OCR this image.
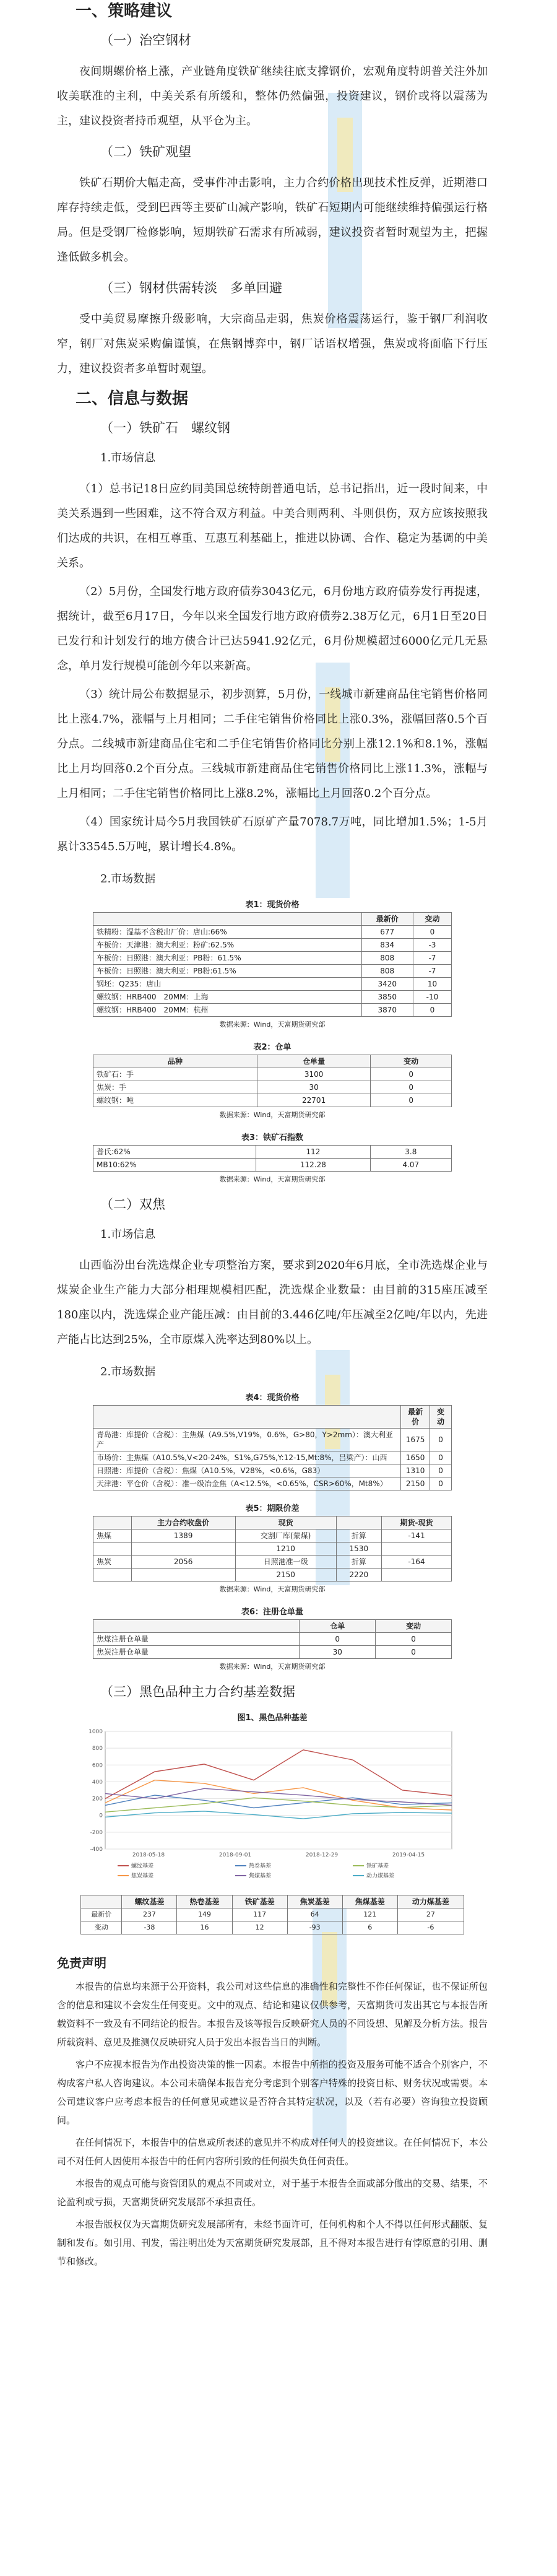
一、策略建议
（一）治空钢材

夜间期螺价格上涨，产业链角度铁矿继续往底支撑钢价，宏观角度特朗普关注外加收美联准的主利，中美关系有所缓和，整体仍然偏强，投资建议，钢价或将以震荡为主，建议投资者持币观望，从平仓为主。

（二）铁矿观望

铁矿石期价大幅走高，受事件冲击影响，主力合约价格出现技术性反弹，近期港口库存持续走低，受到巴西等主要矿山减产影响，铁矿石短期内可能继续维持偏强运行格局。但是受钢厂检修影响，短期铁矿石需求有所减弱，建议投资者暂时观望为主，把握逢低做多机会。

（三）钢材供需转淡　多单回避

受中美贸易摩擦升级影响，大宗商品走弱，焦炭价格震荡运行，鉴于钢厂利润收窄，钢厂对焦炭采购偏谨慎，在焦钢博弈中，钢厂话语权增强，焦炭或将面临下行压力，建议投资者多单暂时观望。

二、信息与数据
（一）铁矿石　螺纹钢
1.市场信息

（1）总书记18日应约同美国总统特朗普通电话，总书记指出，近一段时间来，中美关系遇到一些困难，这不符合双方利益。中美合则两利、斗则俱伤，双方应该按照我们达成的共识，在相互尊重、互惠互利基础上，推进以协调、合作、稳定为基调的中美关系。

（2）5月份，全国发行地方政府债券3043亿元，6月份地方政府债券发行再提速，据统计，截至6月17日，今年以来全国发行地方政府债券2.38万亿元，6月1日至20日已发行和计划发行的地方债合计已达5941.92亿元，6月份规模超过6000亿元几无悬念，单月发行规模可能创今年以来新高。

（3）统计局公布数据显示，初步测算，5月份，一线城市新建商品住宅销售价格同比上涨4.7%，涨幅与上月相同；二手住宅销售价格同比上涨0.3%，涨幅回落0.5个百分点。二线城市新建商品住宅和二手住宅销售价格同比分别上涨12.1%和8.1%，涨幅比上月均回落0.2个百分点。三线城市新建商品住宅销售价格同比上涨11.3%，涨幅与上月相同；二手住宅销售价格同比上涨8.2%，涨幅比上月回落0.2个百分点。

（4）国家统计局今5月我国铁矿石原矿产量7078.7万吨，同比增加1.5%；1-5月累计33545.5万吨，累计增长4.8%。

2.市场数据
表1：现货价格
	最新价	变动
铁精粉：湿基不含税出厂价：唐山:66%	677	0
车板价：天津港：澳大利亚：粉矿:62.5%	834	-3
车板价：日照港：澳大利亚：PB粉：61.5%	808	-7
车板价：日照港：澳大利亚：PB粉:61.5%	808	-7
钢坯：Q235：唐山	3420	10
螺纹钢：HRB400　20MM：上海	3850	-10
螺纹钢：HRB400　20MM：杭州	3870	0
数据来源：Wind，天富期货研究部
表2：仓单
品种	仓单量	变动
铁矿石：手	3100	0
焦炭：手	30	0
螺纹钢：吨	22701	0
数据来源：Wind，天富期货研究部
表3：铁矿石指数
普氏:62%	112	3.8
MB10:62%	112.28	4.07
数据来源：Wind，天富期货研究部
（二）双焦
1.市场信息

山西临汾出台洗选煤企业专项整治方案，要求到2020年6月底，全市洗选煤企业与煤炭企业生产能力大部分相理规模相匹配，洗选煤企业数量：由目前的315座压减至180座以内，洗选煤企业产能压减：由目前的3.446亿吨/年压减至2亿吨/年以内，先进产能占比达到25%，全市原煤入洗率达到80%以上。

2.市场数据
表4：现货价格
	最新价	变动
青岛港：库提价（含税）：主焦煤（A9.5%,V19%，0.6%，G>80，Y>2mm）：澳大利亚产	1675	0
市场价：主焦煤（A10.5%,V<20-24%，S1%,G75%,Y:12-15,Mt:8%，吕梁产）：山西	1650	0
日照港：库提价（含税）：焦煤（A10.5%，V28%，<0.6%，G83）	1310	0
天津港：平仓价（含税）：准一级冶金焦（A<12.5%，<0.65%，CSR>60%，Mt8%）	2150	0
表5：期限价差
	主力合约收盘价	现货		期货-现货
焦煤	1389	交割厂库(蒙煤)	折算	-141
		1210	1530	
焦炭	2056	日照港准一级	折算	-164
		2150	2220	
数据来源：Wind，天富期货研究部
表6：注册仓单量
	仓单	变动
焦煤注册仓单量	0	0
焦炭注册仓单量	30	0
数据来源：Wind，天富期货研究部
（三）黑色品种主力合约基差数据
图1、黑色品种基差
-400
-200
0
200
400
600
800
1000
2018-05-18	2018-09-01	2018-12-29	2019-04-15
螺纹基差	热卷基差	铁矿基差
焦炭基差	焦煤基差	动力煤基差
	螺纹基差	热卷基差	铁矿基差	焦炭基差	焦煤基差	动力煤基差
最新价	237	149	117	64	121	27
变动	-38	16	12	-93	6	-6
免责声明

本报告的信息均来源于公开资料，我公司对这些信息的准确性和完整性不作任何保证，也不保证所包含的信息和建议不会发生任何变更。文中的观点、结论和建议仅供参考，天富期货可发出其它与本报告所载资料不一致及有不同结论的报告。本报告及该等报告反映研究人员的不同设想、见解及分析方法。报告所载资料、意见及推测仅反映研究人员于发出本报告当日的判断。

客户不应视本报告为作出投资决策的惟一因素。本报告中所指的投资及服务可能不适合个别客户，不构成客户私人咨询建议。本公司未确保本报告充分考虑到个别客户特殊的投资目标、财务状况或需要。本公司建议客户应考虑本报告的任何意见或建议是否符合其特定状况，以及（若有必要）咨询独立投资顾问。

在任何情况下，本报告中的信息或所表述的意见并不构成对任何人的投资建议。在任何情况下，本公司不对任何人因使用本报告中的任何内容所引致的任何损失负任何责任。

本报告的观点可能与资管团队的观点不同或对立，对于基于本报告全面或部分做出的交易、结果，不论盈利或亏损，天富期货研究发展部不承担责任。

本报告版权仅为天富期货研究发展部所有，未经书面许可，任何机构和个人不得以任何形式翻版、复制和发布。如引用、刊发，需注明出处为天富期货研究发展部，且不得对本报告进行有悖原意的引用、删节和修改。
